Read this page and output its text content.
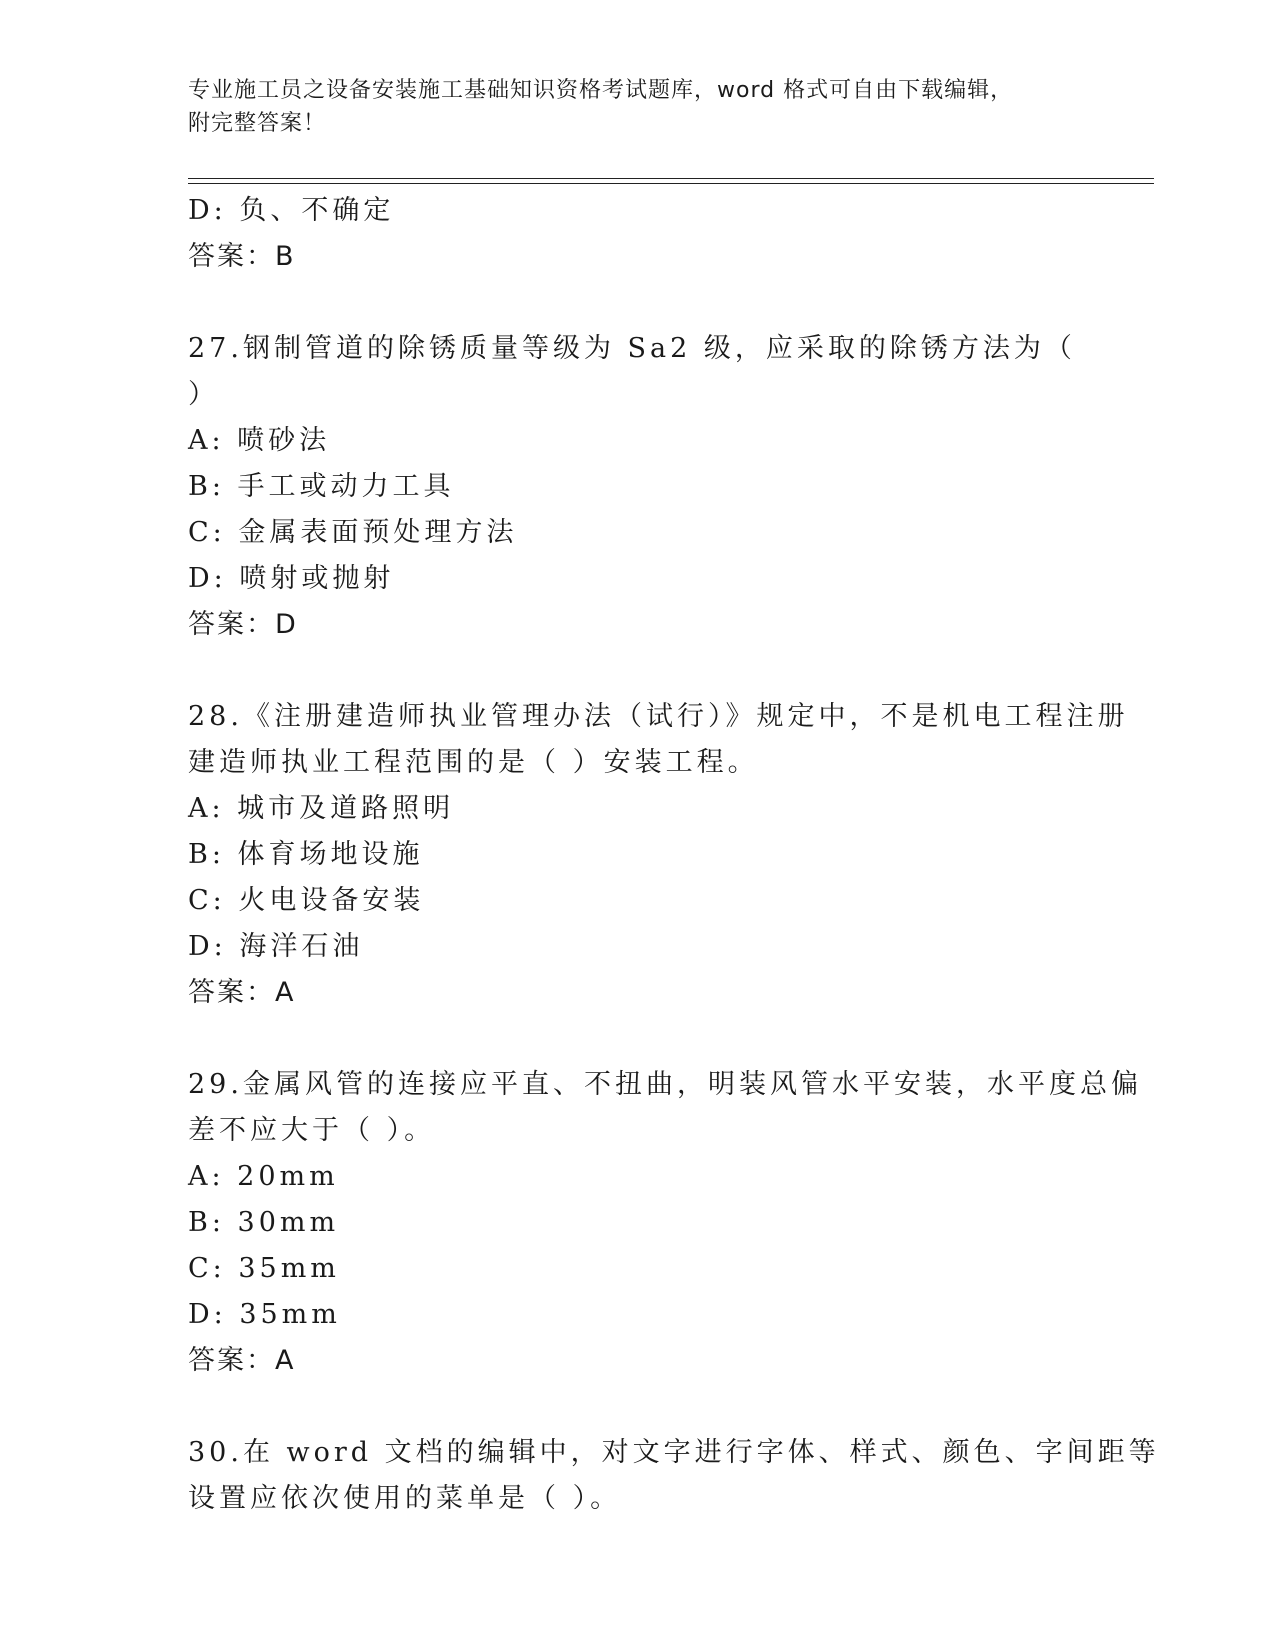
专业施工员之设备安装施工基础知识资格考试题库，word 格式可自由下载编辑，
附完整答案！
D: 负、不确定
答案：B
27.钢制管道的除锈质量等级为 Sa2 级，应采取的除锈方法为（ ）
A: 喷砂法
B: 手工或动力工具
C: 金属表面预处理方法
D: 喷射或抛射
答案：D
28.《注册建造师执业管理办法（试行）》规定中，不是机电工程注册
建造师执业工程范围的是（ ）安装工程。
A: 城市及道路照明
B: 体育场地设施
C: 火电设备安装
D: 海洋石油
答案：A
29.金属风管的连接应平直、不扭曲，明装风管水平安装，水平度总偏
差不应大于（ ）。
A: 20mm
B: 30mm
C: 35mm
D: 35mm
答案：A
30.在 word 文档的编辑中，对文字进行字体、样式、颜色、字间距等
设置应依次使用的菜单是（ ）。
